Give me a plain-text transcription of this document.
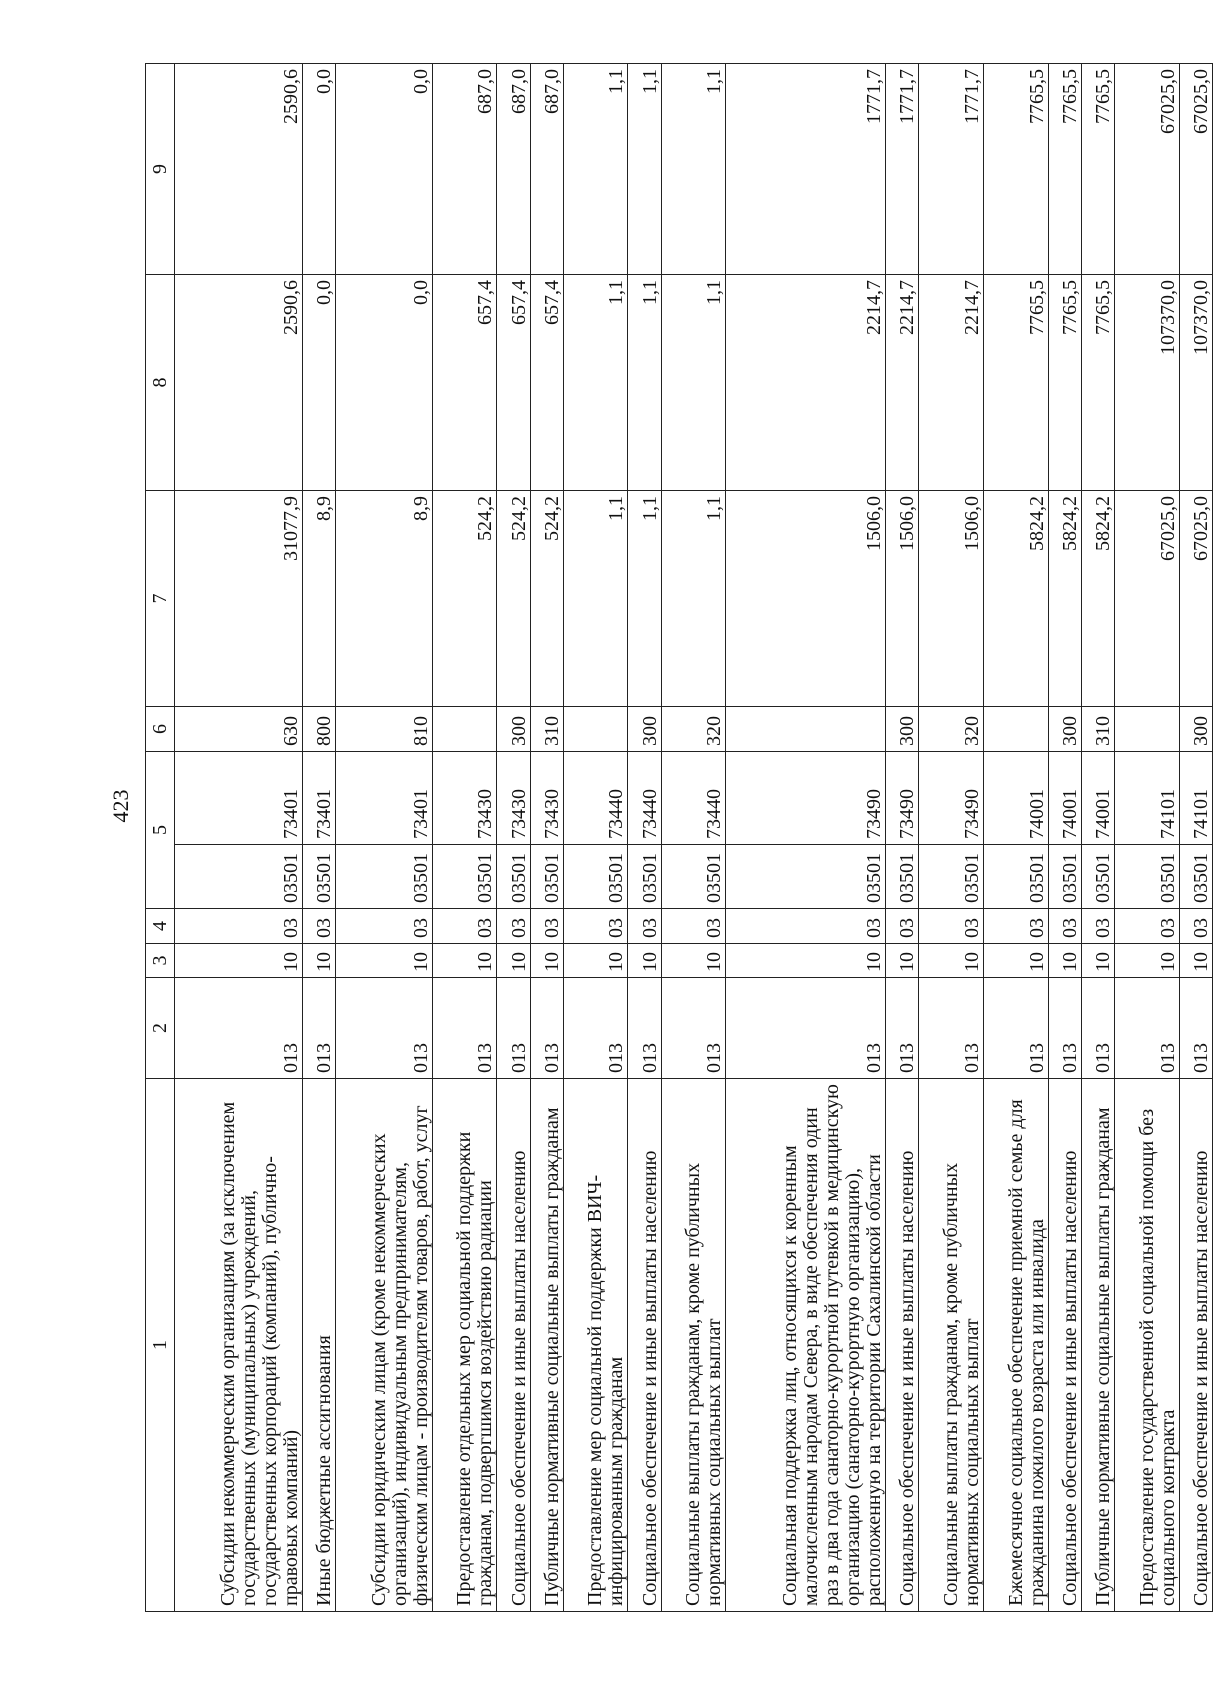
423
1	2	3	4	5		6	7	8	9
Субсидии некоммерческим организациям (за исключением государственных (муниципальных) учреждений, государственных корпораций (компаний), публично-правовых компаний)	013	10	03	03501	73401	630	31077,9	2590,6	2590,6
Иные бюджетные ассигнования	013	10	03	03501	73401	800	8,9	0,0	0,0
Субсидии юридическим лицам (кроме некоммерческих организаций), индивидуальным предпринимателям, физическим лицам - производителям товаров, работ, услуг	013	10	03	03501	73401	810	8,9	0,0	0,0
Предоставление отдельных мер социальной поддержки гражданам, подвергшимся воздействию радиации	013	10	03	03501	73430		524,2	657,4	687,0
Социальное обеспечение и иные выплаты населению	013	10	03	03501	73430	300	524,2	657,4	687,0
Публичные нормативные социальные выплаты гражданам	013	10	03	03501	73430	310	524,2	657,4	687,0
Предоставление мер социальной поддержки ВИЧ-инфицированным гражданам	013	10	03	03501	73440		1,1	1,1	1,1
Социальное обеспечение и иные выплаты населению	013	10	03	03501	73440	300	1,1	1,1	1,1
Социальные выплаты гражданам, кроме публичных нормативных социальных выплат	013	10	03	03501	73440	320	1,1	1,1	1,1
Социальная поддержка лиц, относящихся к коренным малочисленным народам Севера, в виде обеспечения один раз в два года санаторно-курортной путевкой в медицинскую организацию (санаторно-курортную организацию), расположенную на территории Сахалинской области	013	10	03	03501	73490		1506,0	2214,7	1771,7
Социальное обеспечение и иные выплаты населению	013	10	03	03501	73490	300	1506,0	2214,7	1771,7
Социальные выплаты гражданам, кроме публичных нормативных социальных выплат	013	10	03	03501	73490	320	1506,0	2214,7	1771,7
Ежемесячное социальное обеспечение приемной семье для гражданина пожилого возраста или инвалида	013	10	03	03501	74001		5824,2	7765,5	7765,5
Социальное обеспечение и иные выплаты населению	013	10	03	03501	74001	300	5824,2	7765,5	7765,5
Публичные нормативные социальные выплаты гражданам	013	10	03	03501	74001	310	5824,2	7765,5	7765,5
Предоставление государственной социальной помощи без социального контракта	013	10	03	03501	74101		67025,0	107370,0	67025,0
Социальное обеспечение и иные выплаты населению	013	10	03	03501	74101	300	67025,0	107370,0	67025,0
